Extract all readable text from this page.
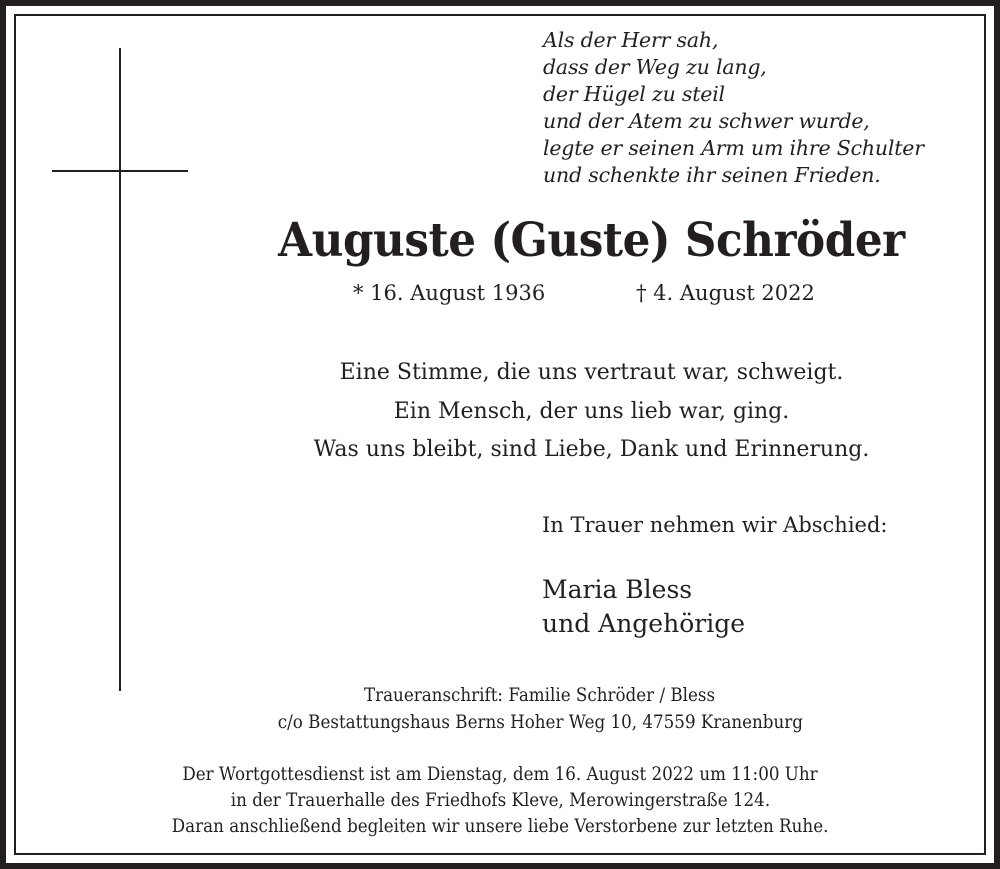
Als der Herr sah,
dass der Weg zu lang,
der Hügel zu steil
und der Atem zu schwer wurde,
legte er seinen Arm um ihre Schulter
und schenkte ihr seinen Frieden.
Auguste (Guste) Schröder
* 16. August 1936	† 4. August 2022
Eine Stimme, die uns vertraut war, schweigt.
Ein Mensch, der uns lieb war, ging.
Was uns bleibt, sind Liebe, Dank und Erinnerung.
In Trauer nehmen wir Abschied:
Maria Bless
und Angehörige
Traueranschrift: Familie Schröder / Bless
c/o Bestattungshaus Berns Hoher Weg 10, 47559 Kranenburg
Der Wortgottesdienst ist am Dienstag, dem 16. August 2022 um 11:00 Uhr
in der Trauerhalle des Friedhofs Kleve, Merowingerstraße 124.
Daran anschließend begleiten wir unsere liebe Verstorbene zur letzten Ruhe.
